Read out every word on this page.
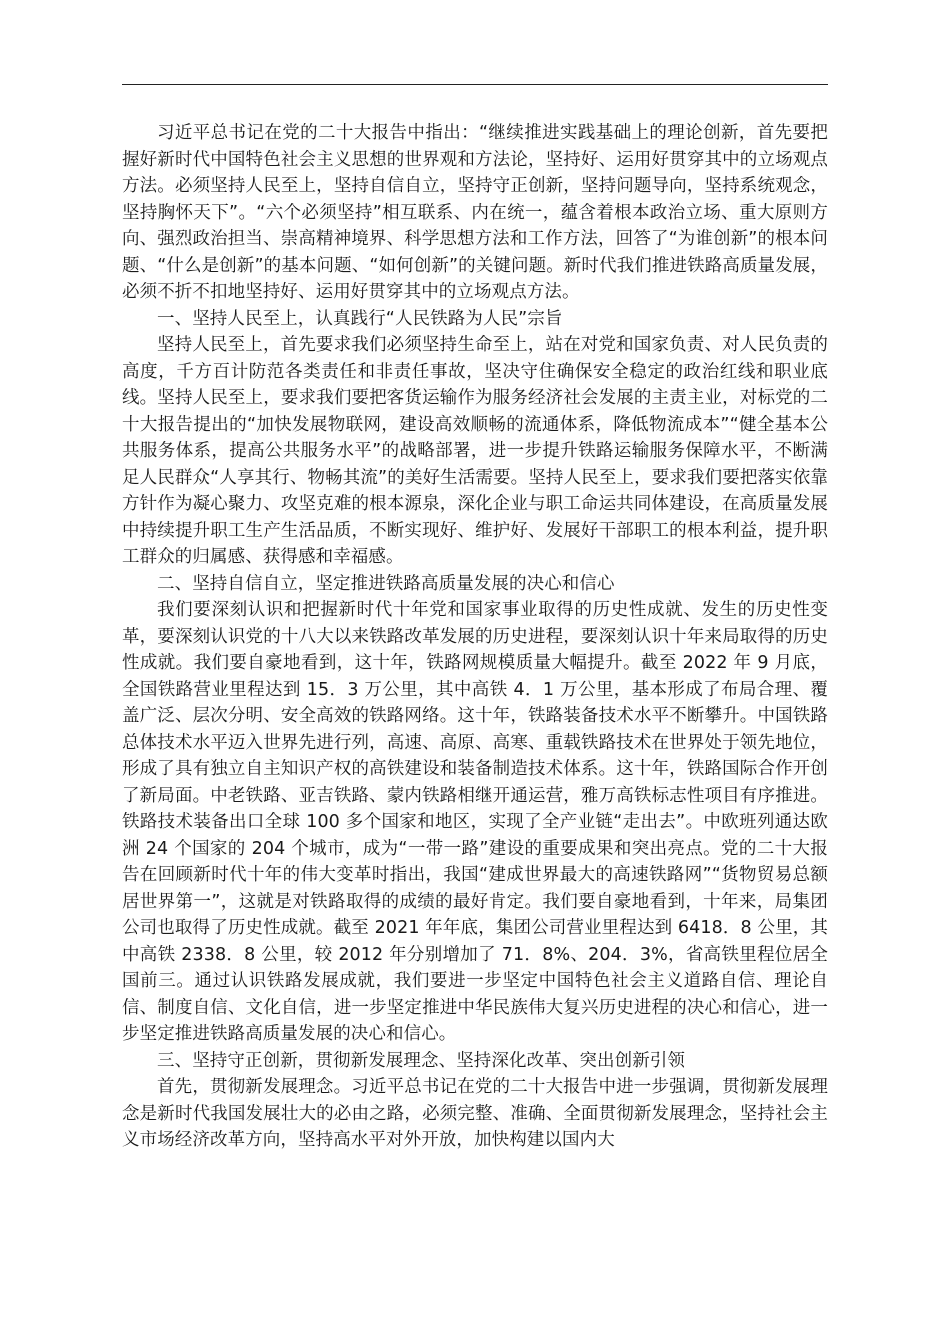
习近平总书记在党的二十大报告中指出：“继续推进实践基础上的理论创新，首先要把握好新时代中国特色社会主义思想的世界观和方法论，坚持好、运用好贯穿其中的立场观点方法。必须坚持人民至上，坚持自信自立，坚持守正创新，坚持问题导向，坚持系统观念，坚持胸怀天下”。“六个必须坚持”相互联系、内在统一，蕴含着根本政治立场、重大原则方向、强烈政治担当、崇高精神境界、科学思想方法和工作方法，回答了“为谁创新”的根本问题、“什么是创新”的基本问题、“如何创新”的关键问题。新时代我们推进铁路高质量发展，必须不折不扣地坚持好、运用好贯穿其中的立场观点方法。

一、坚持人民至上，认真践行“人民铁路为人民”宗旨

坚持人民至上，首先要求我们必须坚持生命至上，站在对党和国家负责、对人民负责的高度，千方百计防范各类责任和非责任事故，坚决守住确保安全稳定的政治红线和职业底线。坚持人民至上，要求我们要把客货运输作为服务经济社会发展的主责主业，对标党的二十大报告提出的“加快发展物联网，建设高效顺畅的流通体系，降低物流成本”“健全基本公共服务体系，提高公共服务水平”的战略部署，进一步提升铁路运输服务保障水平，不断满足人民群众“人享其行、物畅其流”的美好生活需要。坚持人民至上，要求我们要把落实依靠方针作为凝心聚力、攻坚克难的根本源泉，深化企业与职工命运共同体建设，在高质量发展中持续提升职工生产生活品质，不断实现好、维护好、发展好干部职工的根本利益，提升职工群众的归属感、获得感和幸福感。

二、坚持自信自立，坚定推进铁路高质量发展的决心和信心

我们要深刻认识和把握新时代十年党和国家事业取得的历史性成就、发生的历史性变革，要深刻认识党的十八大以来铁路改革发展的历史进程，要深刻认识十年来局取得的历史性成就。我们要自豪地看到，这十年，铁路网规模质量大幅提升。截至 2022 年 9 月底，全国铁路营业里程达到 15．3 万公里，其中高铁 4．1 万公里，基本形成了布局合理、覆盖广泛、层次分明、安全高效的铁路网络。这十年，铁路装备技术水平不断攀升。中国铁路总体技术水平迈入世界先进行列，高速、高原、高寒、重载铁路技术在世界处于领先地位，形成了具有独立自主知识产权的高铁建设和装备制造技术体系。这十年，铁路国际合作开创了新局面。中老铁路、亚吉铁路、蒙内铁路相继开通运营，雅万高铁标志性项目有序推进。铁路技术装备出口全球 100 多个国家和地区，实现了全产业链“走出去”。中欧班列通达欧洲 24 个国家的 204 个城市，成为“一带一路”建设的重要成果和突出亮点。党的二十大报告在回顾新时代十年的伟大变革时指出，我国“建成世界最大的高速铁路网”“货物贸易总额居世界第一”，这就是对铁路取得的成绩的最好肯定。我们要自豪地看到，十年来，局集团公司也取得了历史性成就。截至 2021 年年底，集团公司营业里程达到 6418．8 公里，其中高铁 2338．8 公里，较 2012 年分别增加了 71．8%、204．3%，省高铁里程位居全国前三。通过认识铁路发展成就，我们要进一步坚定中国特色社会主义道路自信、理论自信、制度自信、文化自信，进一步坚定推进中华民族伟大复兴历史进程的决心和信心，进一步坚定推进铁路高质量发展的决心和信心。

三、坚持守正创新，贯彻新发展理念、坚持深化改革、突出创新引领

首先，贯彻新发展理念。习近平总书记在党的二十大报告中进一步强调，贯彻新发展理念是新时代我国发展壮大的必由之路，必须完整、准确、全面贯彻新发展理念，坚持社会主义市场经济改革方向，坚持高水平对外开放，加快构建以国内大
